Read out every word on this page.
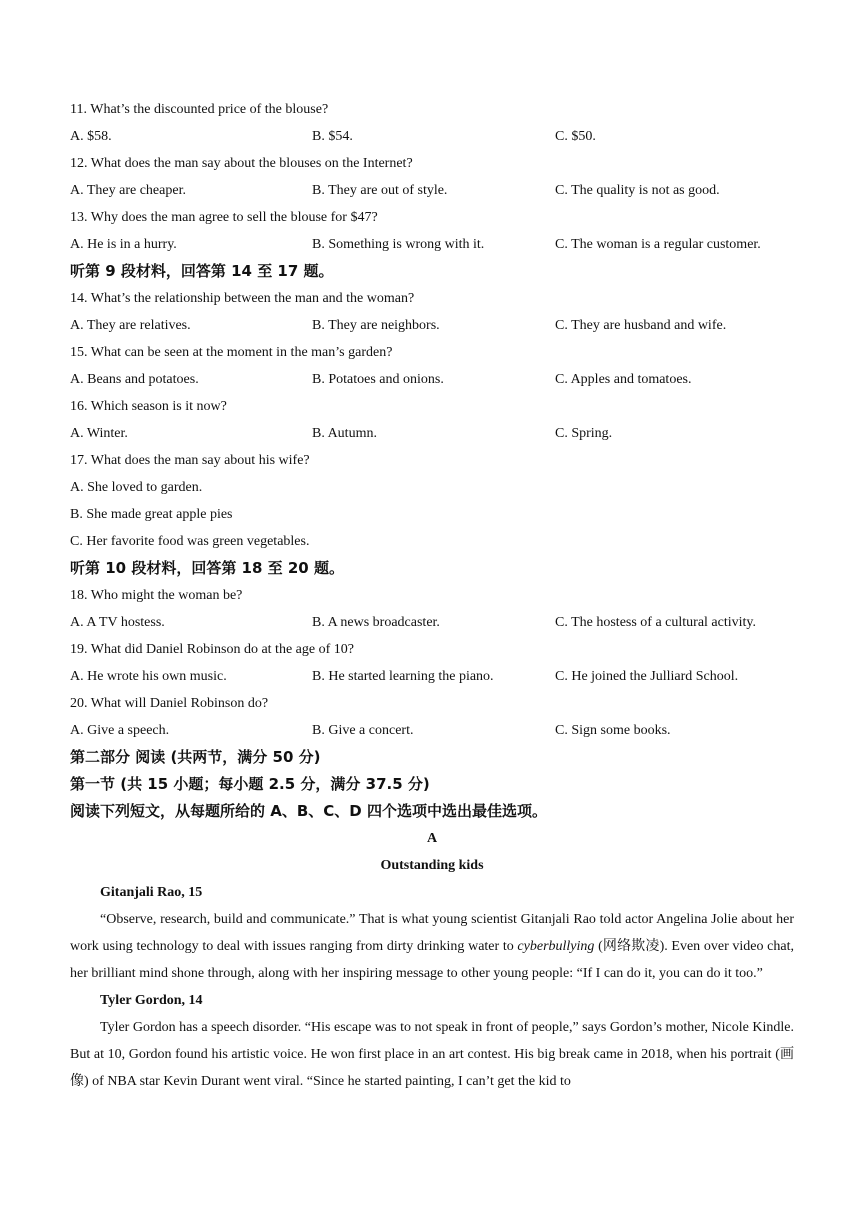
11. What’s the discounted price of the blouse?
A. $58.	B. $54.	C. $50.
12. What does the man say about the blouses on the Internet?
A. They are cheaper.	B. They are out of style.	C. The quality is not as good.
13. Why does the man agree to sell the blouse for $47?
A. He is in a hurry.	B. Something is wrong with it.	C. The woman is a regular customer.
听第 9 段材料，回答第 14 至 17 题。
14. What’s the relationship between the man and the woman?
A. They are relatives.	B. They are neighbors.	C. They are husband and wife.
15. What can be seen at the moment in the man’s garden?
A. Beans and potatoes.	B. Potatoes and onions.	C. Apples and tomatoes.
16. Which season is it now?
A. Winter.	B. Autumn.	C. Spring.
17. What does the man say about his wife?
A. She loved to garden.
B. She made great apple pies
C. Her favorite food was green vegetables.
听第 10 段材料，回答第 18 至 20 题。
18. Who might the woman be?
A. A TV hostess.	B. A news broadcaster.	C. The hostess of a cultural activity.
19. What did Daniel Robinson do at the age of 10?
A. He wrote his own music.	B. He started learning the piano.	C. He joined the Julliard School.
20. What will Daniel Robinson do?
A. Give a speech.	B. Give a concert.	C. Sign some books.
第二部分 阅读 (共两节，满分 50 分)
第一节 (共 15 小题；每小题 2.5 分，满分 37.5 分)
阅读下列短文，从每题所给的 A、B、C、D 四个选项中选出最佳选项。
A
Outstanding kids
Gitanjali Rao, 15

“Observe, research, build and communicate.” That is what young scientist Gitanjali Rao told actor Angelina Jolie about her work using technology to deal with issues ranging from dirty drinking water to cyberbullying (网络欺凌). Even over video chat, her brilliant mind shone through, along with her inspiring message to other young people: “If I can do it, you can do it too.”

Tyler Gordon, 14

Tyler Gordon has a speech disorder. “His escape was to not speak in front of people,” says Gordon’s mother, Nicole Kindle. But at 10, Gordon found his artistic voice. He won first place in an art contest. His big break came in 2018, when his portrait (画像) of NBA star Kevin Durant went viral. “Since he started painting, I can’t get the kid to
